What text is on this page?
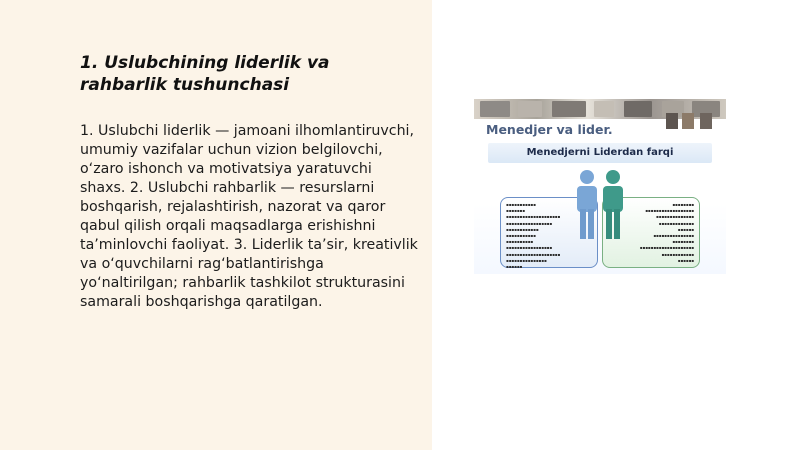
1. Uslubchining liderlik va rahbarlik tushunchasi

1. Uslubchi liderlik — jamoani ilhomlantiruvchi, umumiy vazifalar uchun vizion belgilovchi, o‘zaro ishonch va motivatsiya yaratuvchi shaxs. 2. Uslubchi rahbarlik — resurslarni boshqarish, rejalashtirish, nazorat va qaror qabul qilish orqali maqsadlarga erishishni ta’minlovchi faoliyat. 3. Liderlik ta’sir, kreativlik va o‘quvchilarni rag‘batlantirishga yo‘naltirilgan; rahbarlik tashkilot strukturasini samarali boshqarishga qaratilgan.

Menedjer va lider.
Menedjerni Liderdan farqi
▪▪▪▪▪▪▪▪▪▪▪
▪▪▪▪▪▪▪
▪▪▪▪▪▪▪▪▪▪▪▪▪▪▪▪▪▪▪▪
▪▪▪▪▪▪▪▪▪▪▪▪▪▪▪▪▪
▪▪▪▪▪▪▪▪▪▪▪▪
▪▪▪▪▪▪▪▪▪▪▪
▪▪▪▪▪▪▪▪▪▪
▪▪▪▪▪▪▪▪▪▪▪▪▪▪▪▪▪
▪▪▪▪▪▪▪▪▪▪▪▪▪▪▪▪▪▪▪▪
▪▪▪▪▪▪▪▪▪▪▪▪▪▪▪
▪▪▪▪▪▪
▪▪▪▪▪▪▪▪
▪▪▪▪▪▪▪▪▪▪▪▪▪▪▪▪▪▪
▪▪▪▪▪▪▪▪▪▪▪▪▪▪
▪▪▪▪▪▪▪▪▪▪▪▪▪
▪▪▪▪▪▪
▪▪▪▪▪▪▪▪▪▪▪▪▪▪▪
▪▪▪▪▪▪▪▪
▪▪▪▪▪▪▪▪▪▪▪▪▪▪▪▪▪▪▪▪
▪▪▪▪▪▪▪▪▪▪▪▪
▪▪▪▪▪▪
